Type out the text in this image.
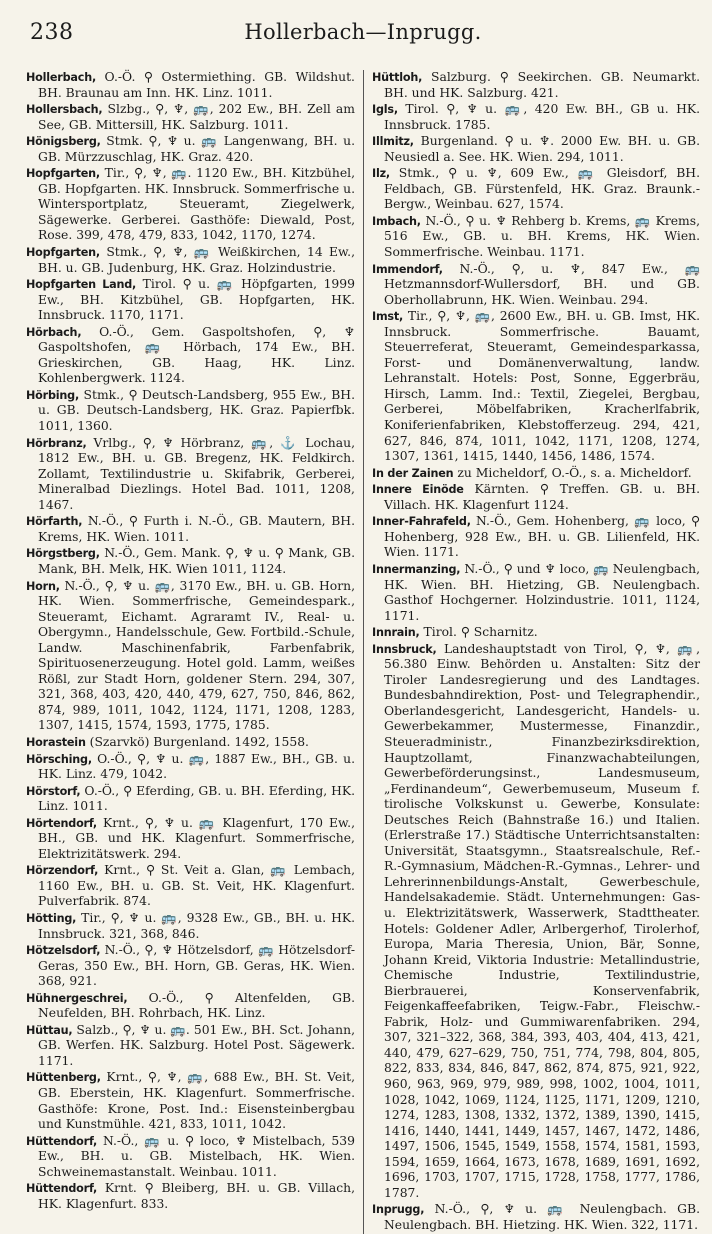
238	Hollerbach—Inprugg.

Hollerbach, O.-Ö. ⚲ Ostermiething. GB. Wildshut. BH. Braunau am Inn. HK. Linz. 1011.

Hollersbach, Slzbg., ⚲, ♆, 🚌, 202 Ew., BH. Zell am See, GB. Mittersill, HK. Salzburg. 1011.

Hönigsberg, Stmk. ⚲, ♆ u. 🚌 Langenwang, BH. u. GB. Mürzzuschlag, HK. Graz. 420.

Hopfgarten, Tir., ⚲, ♆, 🚌. 1120 Ew., BH. Kitzbühel, GB. Hopfgarten. HK. Innsbruck. Sommerfrische u. Wintersportplatz, Steueramt, Ziegelwerk, Sägewerke. Gerberei. Gasthöfe: Diewald, Post, Rose. 399, 478, 479, 833, 1042, 1170, 1274.

Hopfgarten, Stmk., ⚲, ♆, 🚌 Weißkirchen, 14 Ew., BH. u. GB. Judenburg, HK. Graz. Holzindustrie.

Hopfgarten Land, Tirol. ⚲ u. 🚌 Höpfgarten, 1999 Ew., BH. Kitzbühel, GB. Hopfgarten, HK. Innsbruck. 1170, 1171.

Hörbach, O.-Ö., Gem. Gaspoltshofen, ⚲, ♆ Gaspoltshofen, 🚌 Hörbach, 174 Ew., BH. Grieskirchen, GB. Haag, HK. Linz. Kohlenbergwerk. 1124.

Hörbing, Stmk., ⚲ Deutsch-Landsberg, 955 Ew., BH. u. GB. Deutsch-Landsberg, HK. Graz. Papierfbk. 1011, 1360.

Hörbranz, Vrlbg., ⚲, ♆ Hörbranz, 🚌, ⚓ Lochau, 1812 Ew., BH. u. GB. Bregenz, HK. Feldkirch. Zollamt, Textilindustrie u. Skifabrik, Gerberei, Mineralbad Diezlings. Hotel Bad. 1011, 1208, 1467.

Hörfarth, N.-Ö., ⚲ Furth i. N.-Ö., GB. Mautern, BH. Krems, HK. Wien. 1011.

Hörgstberg, N.-Ö., Gem. Mank. ⚲, ♆ u. ⚲ Mank, GB. Mank, BH. Melk, HK. Wien 1011, 1124.

Horn, N.-Ö., ⚲, ♆ u. 🚌, 3170 Ew., BH. u. GB. Horn, HK. Wien. Sommerfrische, Gemeindespark., Steueramt, Eichamt. Agraramt IV., Real- u. Obergymn., Handelsschule, Gew. Fortbild.-Schule, Landw. Maschinenfabrik, Farbenfabrik, Spirituosenerzeugung. Hotel gold. Lamm, weißes Rößl, zur Stadt Horn, goldener Stern. 294, 307, 321, 368, 403, 420, 440, 479, 627, 750, 846, 862, 874, 989, 1011, 1042, 1124, 1171, 1208, 1283, 1307, 1415, 1574, 1593, 1775, 1785.

Horastein (Szarvkö) Burgenland. 1492, 1558.

Hörsching, O.-Ö., ⚲, ♆ u. 🚌, 1887 Ew., BH., GB. u. HK. Linz. 479, 1042.

Hörstorf, O.-Ö., ⚲ Eferding, GB. u. BH. Eferding, HK. Linz. 1011.

Hörtendorf, Krnt., ⚲, ♆ u. 🚌 Klagenfurt, 170 Ew., BH., GB. und HK. Klagenfurt. Sommerfrische, Elektrizitätswerk. 294.

Hörzendorf, Krnt., ⚲ St. Veit a. Glan, 🚌 Lembach, 1160 Ew., BH. u. GB. St. Veit, HK. Klagenfurt. Pulverfabrik. 874.

Hötting, Tir., ⚲, ♆ u. 🚌, 9328 Ew., GB., BH. u. HK. Innsbruck. 321, 368, 846.

Hötzelsdorf, N.-Ö., ⚲, ♆ Hötzelsdorf, 🚌 Hötzelsdorf-Geras, 350 Ew., BH. Horn, GB. Geras, HK. Wien. 368, 921.

Hühnergeschrei, O.-Ö., ⚲ Altenfelden, GB. Neufelden, BH. Rohrbach, HK. Linz.

Hüttau, Salzb., ⚲, ♆ u. 🚌. 501 Ew., BH. Sct. Johann, GB. Werfen. HK. Salzburg. Hotel Post. Sägewerk. 1171.

Hüttenberg, Krnt., ⚲, ♆, 🚌, 688 Ew., BH. St. Veit, GB. Eberstein, HK. Klagenfurt. Sommerfrische. Gasthöfe: Krone, Post. Ind.: Eisensteinbergbau und Kunstmühle. 421, 833, 1011, 1042.

Hüttendorf, N.-Ö., 🚌 u. ⚲ loco, ♆ Mistelbach, 539 Ew., BH. u. GB. Mistelbach, HK. Wien. Schweinemastanstalt. Weinbau. 1011.

Hüttendorf, Krnt. ⚲ Bleiberg, BH. u. GB. Villach, HK. Klagenfurt. 833.

Hüttloh, Salzburg. ⚲ Seekirchen. GB. Neumarkt. BH. und HK. Salzburg. 421.

Igls, Tirol. ⚲, ♆ u. 🚌, 420 Ew. BH., GB u. HK. Innsbruck. 1785.

Illmitz, Burgenland. ⚲ u. ♆. 2000 Ew. BH. u. GB. Neusiedl a. See. HK. Wien. 294, 1011.

Ilz, Stmk., ⚲ u. ♆, 609 Ew., 🚌 Gleisdorf, BH. Feldbach, GB. Fürstenfeld, HK. Graz. Braunk.-Bergw., Weinbau. 627, 1574.

Imbach, N.-Ö., ⚲ u. ♆ Rehberg b. Krems, 🚌 Krems, 516 Ew., GB. u. BH. Krems, HK. Wien. Sommerfrische. Weinbau. 1171.

Immendorf, N.-Ö., ⚲, u. ♆, 847 Ew., 🚌 Hetzmannsdorf-Wullersdorf, BH. und GB. Oberhollabrunn, HK. Wien. Weinbau. 294.

Imst, Tir., ⚲, ♆, 🚌, 2600 Ew., BH. u. GB. Imst, HK. Innsbruck. Sommerfrische. Bauamt, Steuerreferat, Steueramt, Gemeindesparkassa, Forst- und Domänenverwaltung, landw. Lehranstalt. Hotels: Post, Sonne, Eggerbräu, Hirsch, Lamm. Ind.: Textil, Ziegelei, Bergbau, Gerberei, Möbelfabriken, Kracherlfabrik, Koniferienfabriken, Klebstofferzeug. 294, 421, 627, 846, 874, 1011, 1042, 1171, 1208, 1274, 1307, 1361, 1415, 1440, 1456, 1486, 1574.

In der Zainen zu Micheldorf, O.-Ö., s. a. Micheldorf.

Innere Einöde Kärnten. ⚲ Treffen. GB. u. BH. Villach. HK. Klagenfurt 1124.

Inner-Fahrafeld, N.-Ö., Gem. Hohenberg, 🚌 loco, ⚲ Hohenberg, 928 Ew., BH. u. GB. Lilienfeld, HK. Wien. 1171.

Innermanzing, N.-Ö., ⚲ und ♆ loco, 🚌 Neulengbach, HK. Wien. BH. Hietzing, GB. Neulengbach. Gasthof Hochgerner. Holzindustrie. 1011, 1124, 1171.

Innrain, Tirol. ⚲ Scharnitz.

Innsbruck, Landeshauptstadt von Tirol, ⚲, ♆, 🚌, 56.380 Einw. Behörden u. Anstalten: Sitz der Tiroler Landesregierung und des Landtages. Bundesbahndirektion, Post- und Telegraphendir., Oberlandesgericht, Landesgericht, Handels- u. Gewerbekammer, Mustermesse, Finanzdir., Steueradministr., Finanzbezirksdirektion, Hauptzollamt, Finanzwachabteilungen, Gewerbeförderungsinst., Landesmuseum, „Ferdinandeum“, Gewerbemuseum, Museum f. tirolische Volkskunst u. Gewerbe, Konsulate: Deutsches Reich (Bahnstraße 16.) und Italien. (Erlerstraße 17.) Städtische Unterrichtsanstalten: Universität, Staatsgymn., Staatsrealschule, Ref.-R.-Gymnasium, Mädchen-R.-Gymnas., Lehrer- und Lehrerinnenbildungs-Anstalt, Gewerbeschule, Handelsakademie. Städt. Unternehmungen: Gas- u. Elektrizitätswerk, Wasserwerk, Stadttheater. Hotels: Goldener Adler, Arlbergerhof, Tirolerhof, Europa, Maria Theresia, Union, Bär, Sonne, Johann Kreid, Viktoria Industrie: Metallindustrie, Chemische Industrie, Textilindustrie, Bierbrauerei, Konservenfabrik, Feigenkaffeefabriken, Teigw.-Fabr., Fleischw.-Fabrik, Holz- und Gummiwarenfabriken. 294, 307, 321–322, 368, 384, 393, 403, 404, 413, 421, 440, 479, 627–629, 750, 751, 774, 798, 804, 805, 822, 833, 834, 846, 847, 862, 874, 875, 921, 922, 960, 963, 969, 979, 989, 998, 1002, 1004, 1011, 1028, 1042, 1069, 1124, 1125, 1171, 1209, 1210, 1274, 1283, 1308, 1332, 1372, 1389, 1390, 1415, 1416, 1440, 1441, 1449, 1457, 1467, 1472, 1486, 1497, 1506, 1545, 1549, 1558, 1574, 1581, 1593, 1594, 1659, 1664, 1673, 1678, 1689, 1691, 1692, 1696, 1703, 1707, 1715, 1728, 1758, 1777, 1786, 1787.

Inprugg, N.-Ö., ⚲, ♆ u. 🚌 Neulengbach. GB. Neulengbach. BH. Hietzing. HK. Wien. 322, 1171.
